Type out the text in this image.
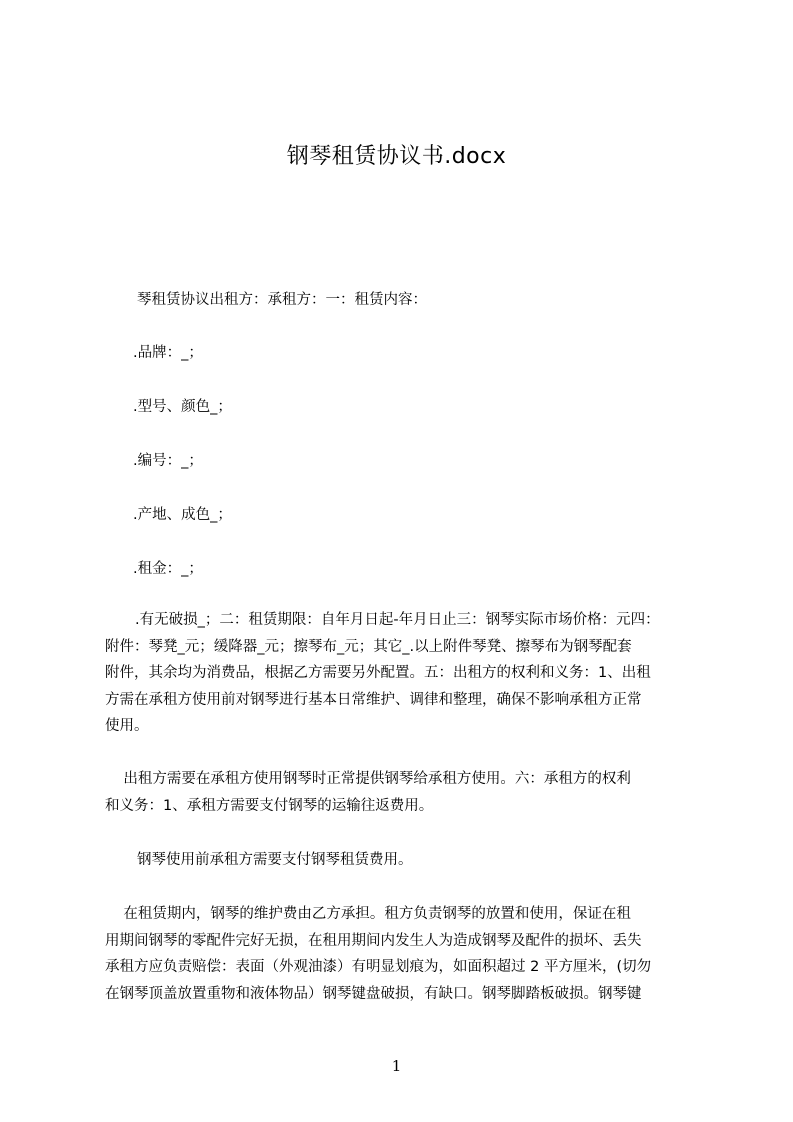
钢琴租赁协议书.docx
琴租赁协议出租方：承租方：一：租赁内容：
.品牌：_；
.型号、颜色_；
.编号：_；
.产地、成色_；
.租金：_；
.有无破损_；二：租赁期限：自年月日起-年月日止三：钢琴实际市场价格：元四：
附件：琴凳_元；缓降器_元；擦琴布_元；其它_.以上附件琴凳、擦琴布为钢琴配套
附件，其余均为消费品，根据乙方需要另外配置。五：出租方的权利和义务：1、出租
方需在承租方使用前对钢琴进行基本日常维护、调律和整理，确保不影响承租方正常
使用。
出租方需要在承租方使用钢琴时正常提供钢琴给承租方使用。六：承租方的权利
和义务：1、承租方需要支付钢琴的运输往返费用。
钢琴使用前承租方需要支付钢琴租赁费用。
在租赁期内，钢琴的维护费由乙方承担。租方负责钢琴的放置和使用，保证在租
用期间钢琴的零配件完好无损，在租用期间内发生人为造成钢琴及配件的损坏、丢失
承租方应负责赔偿：表面（外观油漆）有明显划痕为，如面积超过 2 平方厘米，(切勿
在钢琴顶盖放置重物和液体物品）钢琴键盘破损，有缺口。钢琴脚踏板破损。钢琴键
1
